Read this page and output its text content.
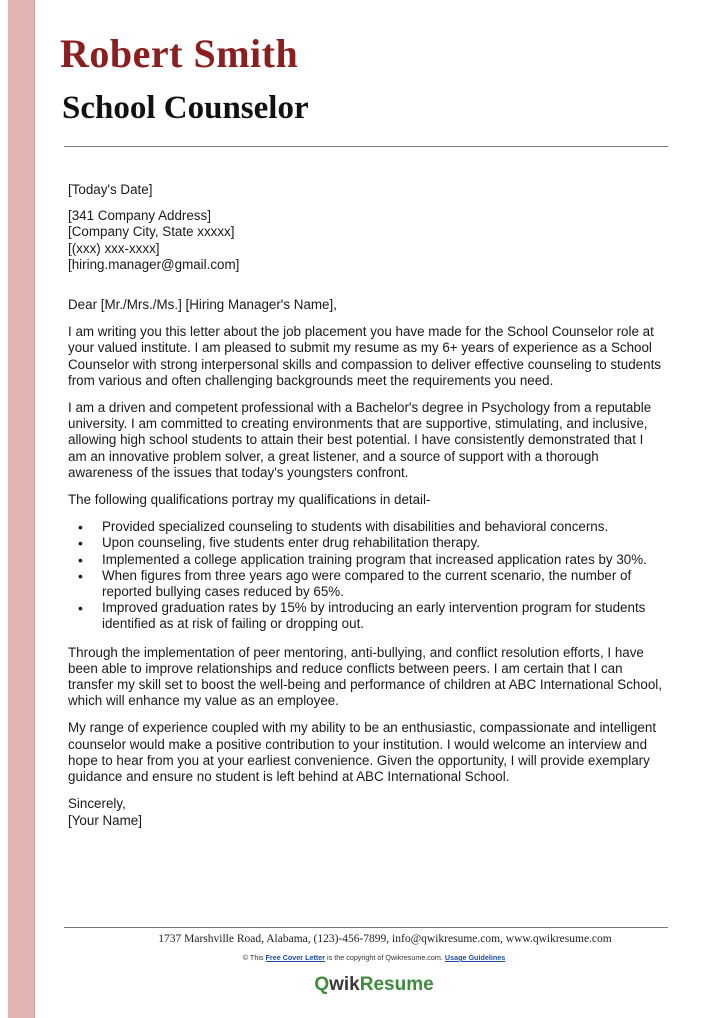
Robert Smith
School Counselor

[Today's Date]

[341 Company Address]
[Company City, State xxxxx]
[(xxx) xxx-xxxx]
[hiring.manager@gmail.com]

Dear [Mr./Mrs./Ms.] [Hiring Manager's Name],

I am writing you this letter about the job placement you have made for the School Counselor role at your valued institute. I am pleased to submit my resume as my 6+ years of experience as a School Counselor with strong interpersonal skills and compassion to deliver effective counseling to students from various and often challenging backgrounds meet the requirements you need.

I am a driven and competent professional with a Bachelor's degree in Psychology from a reputable university. I am committed to creating environments that are supportive, stimulating, and inclusive, allowing high school students to attain their best potential. I have consistently demonstrated that I am an innovative problem solver, a great listener, and a source of support with a thorough awareness of the issues that today's youngsters confront.

The following qualifications portray my qualifications in detail-

• Provided specialized counseling to students with disabilities and behavioral concerns.
• Upon counseling, five students enter drug rehabilitation therapy.
• Implemented a college application training program that increased application rates by 30%.
• When figures from three years ago were compared to the current scenario, the number of reported bullying cases reduced by 65%.
• Improved graduation rates by 15% by introducing an early intervention program for students identified as at risk of failing or dropping out.

Through the implementation of peer mentoring, anti-bullying, and conflict resolution efforts, I have been able to improve relationships and reduce conflicts between peers. I am certain that I can transfer my skill set to boost the well-being and performance of children at ABC International School, which will enhance my value as an employee.

My range of experience coupled with my ability to be an enthusiastic, compassionate and intelligent counselor would make a positive contribution to your institution. I would welcome an interview and hope to hear from you at your earliest convenience. Given the opportunity, I will provide exemplary guidance and ensure no student is left behind at ABC International School.

Sincerely,
[Your Name]
1737 Marshville Road, Alabama, (123)-456-7899, info@qwikresume.com, www.qwikresume.com
© This Free Cover Letter is the copyright of Qwikresume.com. Usage Guidelines
QwikResume
